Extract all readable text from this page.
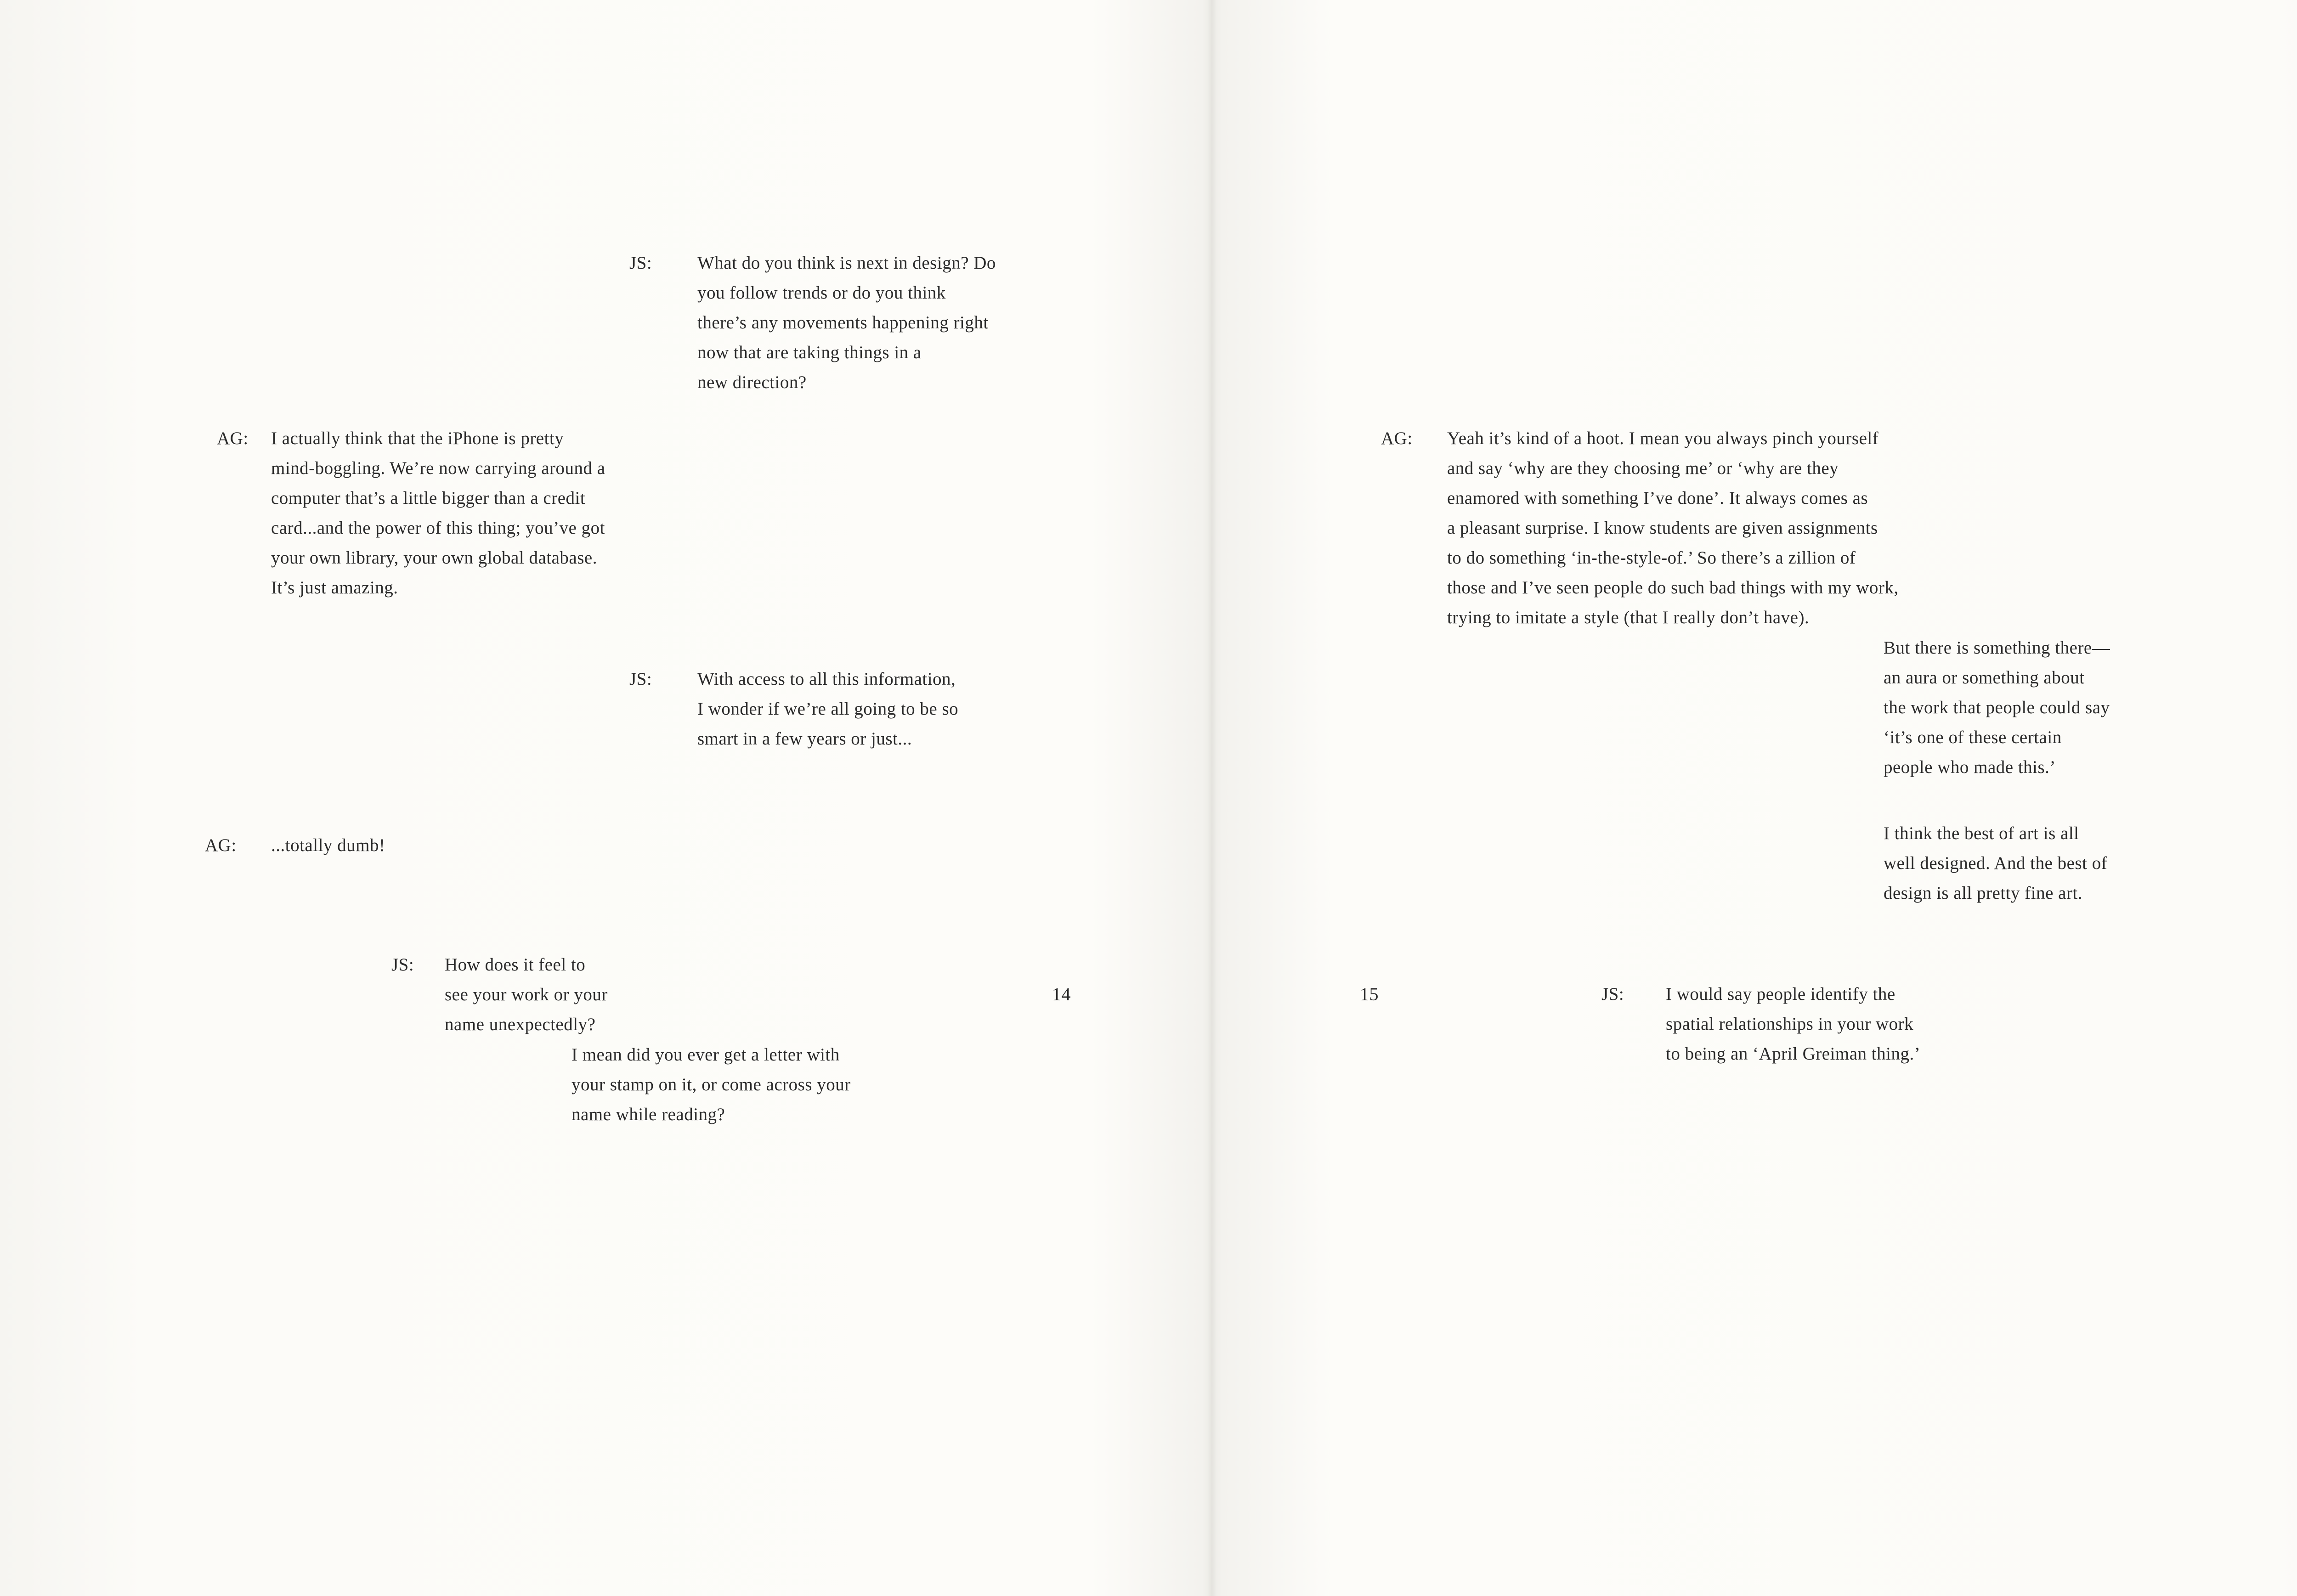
JS:	What do you think is next in design? Do
you follow trends or do you think
there’s any movements happening right
now that are taking things in a
new direction?

AG: I actually think that the iPhone is pretty
mind-boggling. We’re now carrying around a
computer that’s a little bigger than a credit
card...and the power of this thing; you’ve got
your own library, your own global database.
It’s just amazing.

JS:	With access to all this information,
I wonder if we’re all going to be so
smart in a few years or just...

AG: ...totally dumb!

JS: How does it feel to
see your work or your
name unexpectedly?

I mean did you ever get a letter with
your stamp on it, or come across your
name while reading?

14	15

AG: Yeah it’s kind of a hoot. I mean you always pinch yourself
and say ‘why are they choosing me’ or ‘why are they
enamored with something I’ve done’. It always comes as
a pleasant surprise. I know students are given assignments
to do something ‘in-the-style-of.’ So there’s a zillion of
those and I’ve seen people do such bad things with my work,
trying to imitate a style (that I really don’t have).

But there is something there—
an aura or something about
the work that people could say
‘it’s one of these certain
people who made this.’

I think the best of art is all
well designed. And the best of
design is all pretty fine art.

JS: I would say people identify the
spatial relationships in your work
to being an ‘April Greiman thing.’
